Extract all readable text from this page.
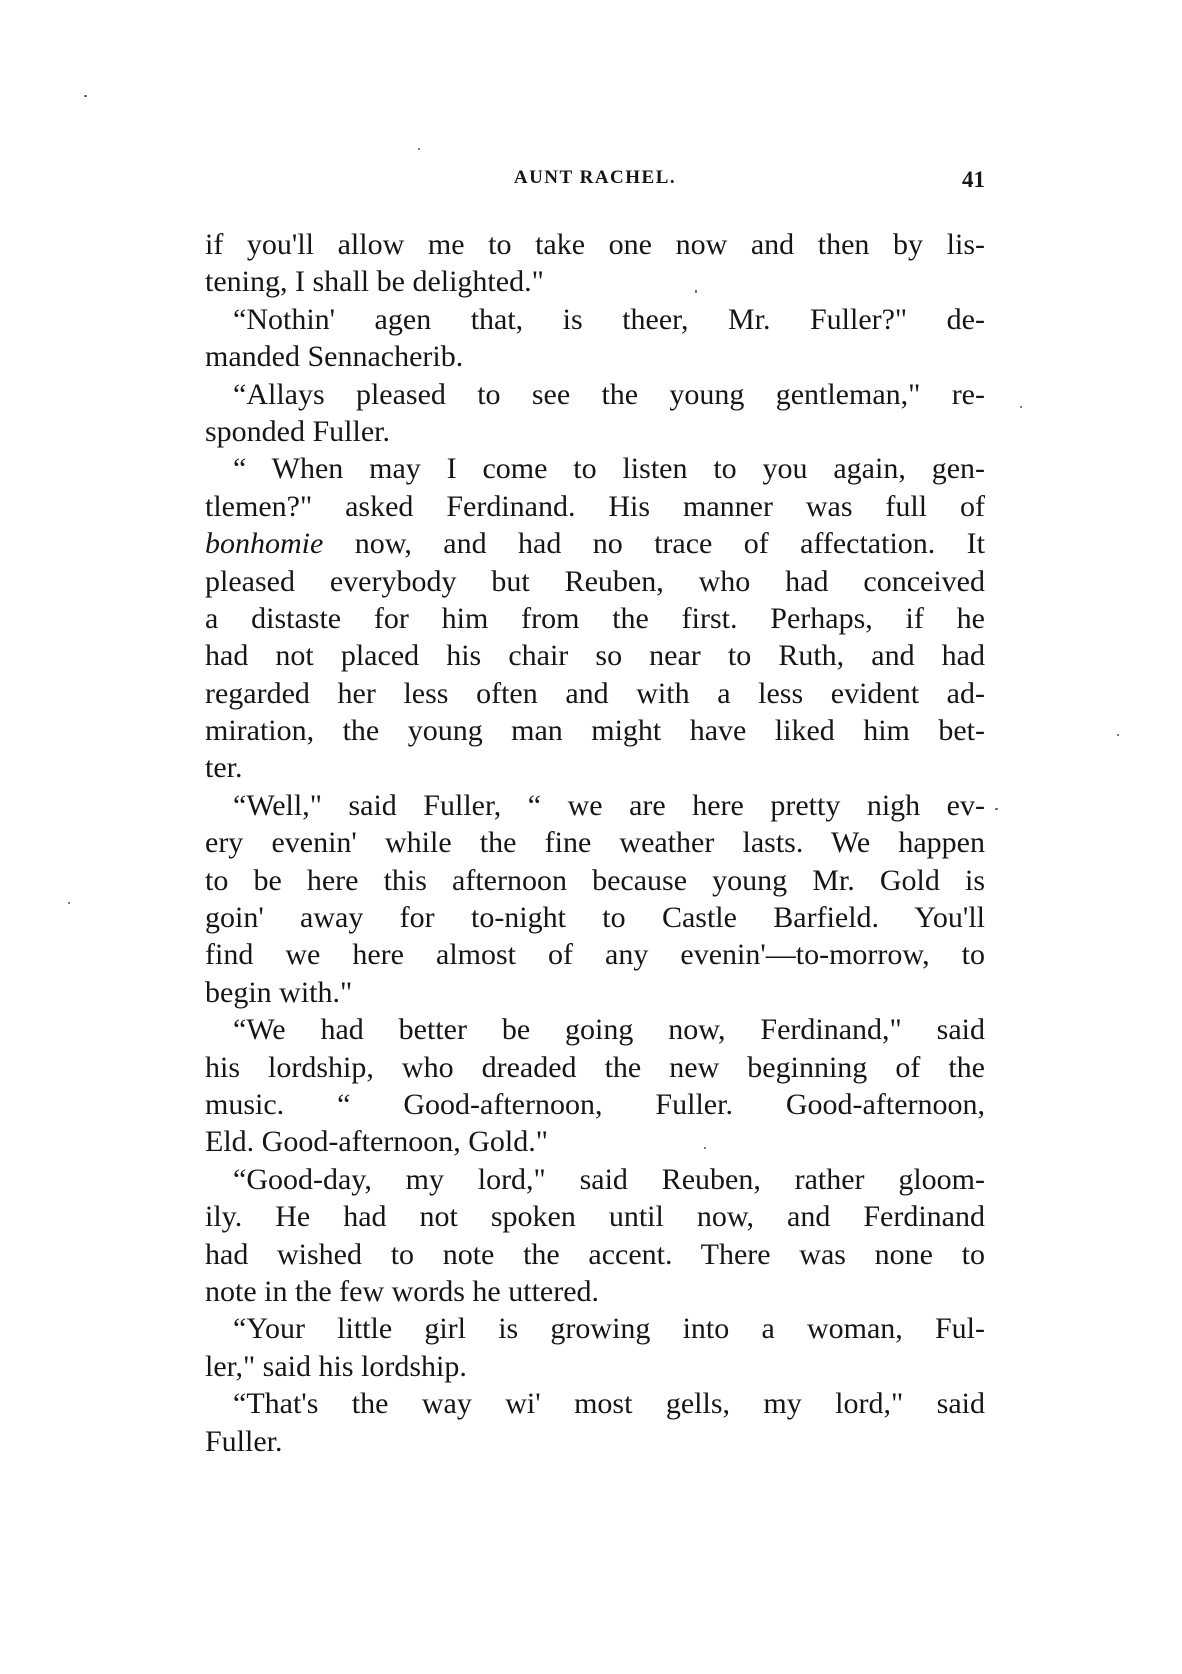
AUNT RACHEL.	41
if you'll allow me to take one now and then by lis-
tening, I shall be delighted."
“Nothin' agen that, is theer, Mr. Fuller?" de-
manded Sennacherib.
“Allays pleased to see the young gentleman," re-
sponded Fuller.
“ When may I come to listen to you again, gen-
tlemen?" asked Ferdinand. His manner was full of
bonhomie now, and had no trace of affectation. It
pleased everybody but Reuben, who had conceived
a distaste for him from the first. Perhaps, if he
had not placed his chair so near to Ruth, and had
regarded her less often and with a less evident ad-
miration, the young man might have liked him bet-
ter.
“Well," said Fuller, “ we are here pretty nigh ev-
ery evenin' while the fine weather lasts. We happen
to be here this afternoon because young Mr. Gold is
goin' away for to-night to Castle Barfield. You'll
find we here almost of any evenin'—to-morrow, to
begin with."
“We had better be going now, Ferdinand," said
his lordship, who dreaded the new beginning of the
music. “ Good-afternoon, Fuller. Good-afternoon,
Eld. Good-afternoon, Gold."
“Good-day, my lord," said Reuben, rather gloom-
ily. He had not spoken until now, and Ferdinand
had wished to note the accent. There was none to
note in the few words he uttered.
“Your little girl is growing into a woman, Ful-
ler," said his lordship.
“That's the way wi' most gells, my lord," said
Fuller.
